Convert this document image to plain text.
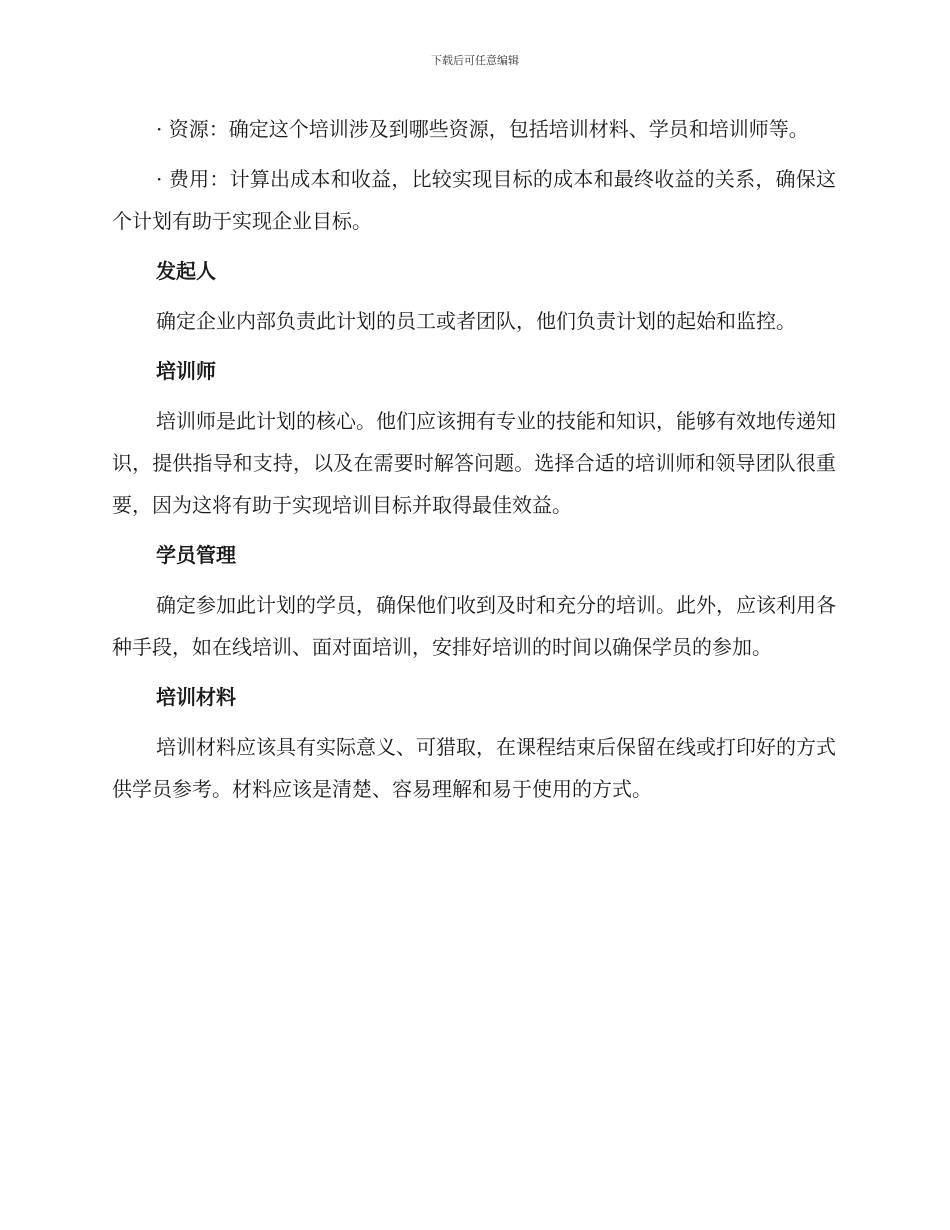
下载后可任意编辑

· 资源：确定这个培训涉及到哪些资源，包括培训材料、学员和培训师等。

· 费用：计算出成本和收益，比较实现目标的成本和最终收益的关系，确保这个计划有助于实现企业目标。

发起人

确定企业内部负责此计划的员工或者团队，他们负责计划的起始和监控。

培训师

培训师是此计划的核心。他们应该拥有专业的技能和知识，能够有效地传递知识，提供指导和支持，以及在需要时解答问题。选择合适的培训师和领导团队很重要，因为这将有助于实现培训目标并取得最佳效益。

学员管理

确定参加此计划的学员，确保他们收到及时和充分的培训。此外，应该利用各种手段，如在线培训、面对面培训，安排好培训的时间以确保学员的参加。

培训材料

培训材料应该具有实际意义、可猎取，在课程结束后保留在线或打印好的方式供学员参考。材料应该是清楚、容易理解和易于使用的方式。
